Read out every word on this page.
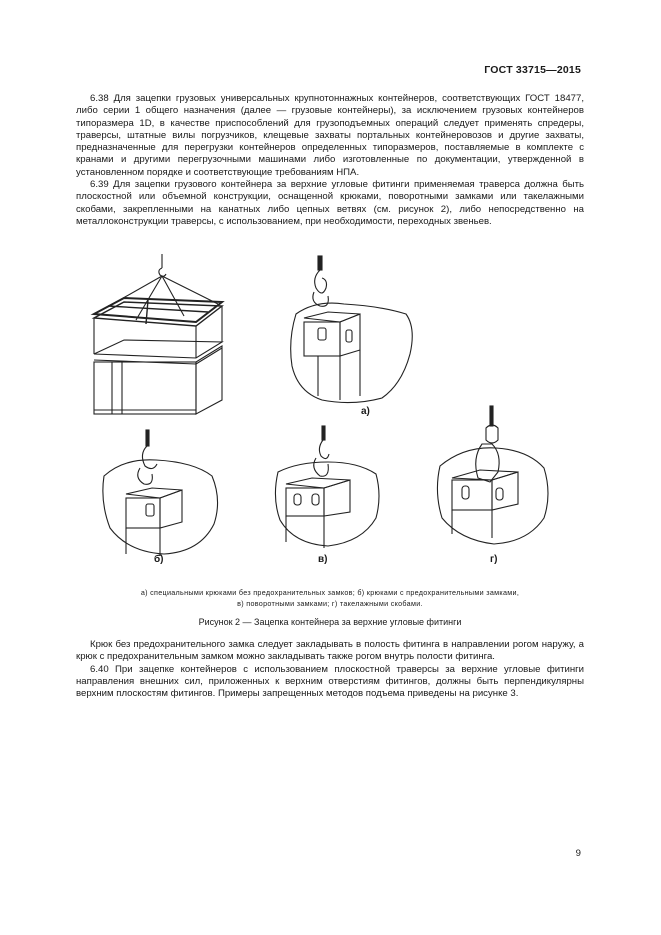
ГОСТ 33715—2015

6.38 Для зацепки грузовых универсальных крупнотоннажных контейнеров, соответствующих ГОСТ 18477, либо серии 1 общего назначения (далее — грузовые контейнеры), за исключением грузовых контейнеров типоразмера 1D, в качестве приспособлений для грузоподъемных операций следует применять спредеры, траверсы, штатные вилы погрузчиков, клещевые захваты портальных контейнеровозов и другие захваты, предназначенные для перегрузки контейнеров определенных типоразмеров, поставляемые в комплекте с кранами и другими перегрузочными машинами либо изготовленные по документации, утвержденной в установленном порядке и соответствующие требованиям НПА.

6.39 Для зацепки грузового контейнера за верхние угловые фитинги применяемая траверса должна быть плоскостной или объемной конструкции, оснащенной крюками, поворотными замками или такелажными скобами, закрепленными на канатных либо цепных ветвях (см. рисунок 2), либо непосредственно на металлоконструкции траверсы, с использованием, при необходимости, переходных звеньев.

а)
б)	в)	г)
а) специальными крюками без предохранительных замков; б) крюками с предохранительными замками,
в) поворотными замками; г) такелажными скобами.
Рисунок 2 — Зацепка контейнера за верхние угловые фитинги

Крюк без предохранительного замка следует закладывать в полость фитинга в направлении рогом наружу, а крюк с предохранительным замком можно закладывать также рогом внутрь полости фитинга.

6.40 При зацепке контейнеров с использованием плоскостной траверсы за верхние угловые фитинги направления внешних сил, приложенных к верхним отверстиям фитингов, должны быть перпендикулярны верхним плоскостям фитингов. Примеры запрещенных методов подъема приведены на рисунке 3.

9
